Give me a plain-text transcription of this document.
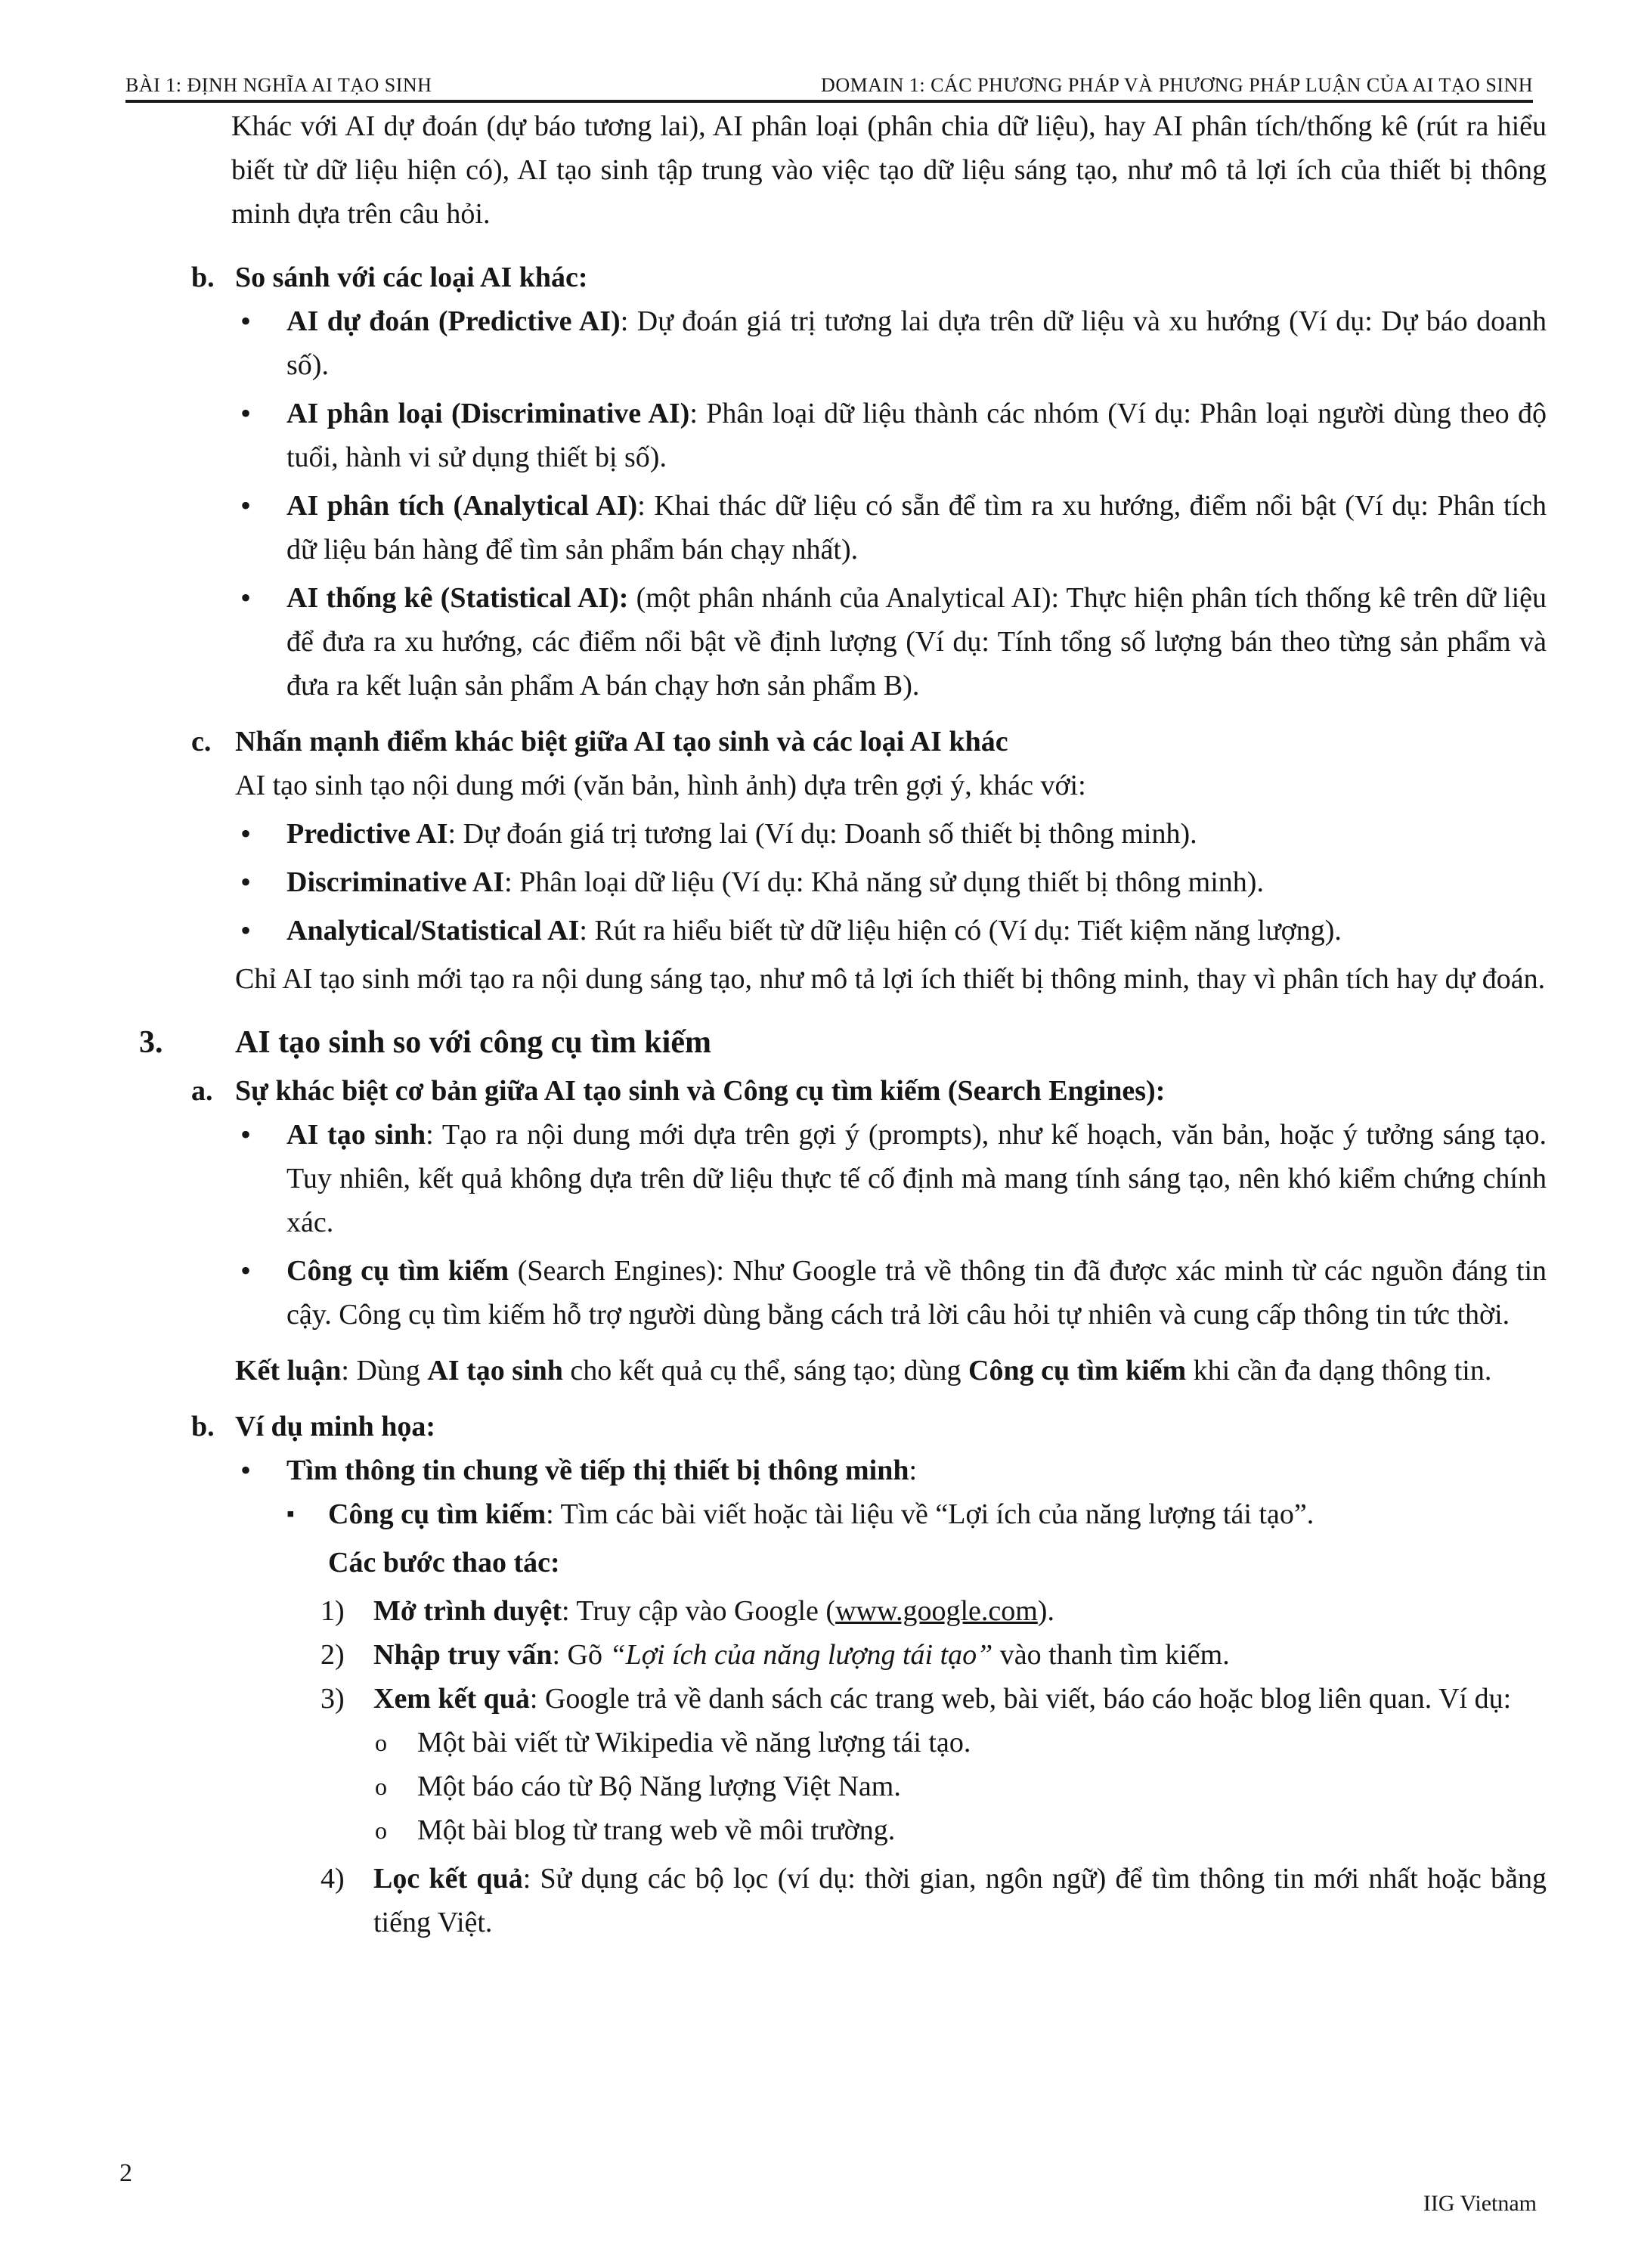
BÀI 1: ĐỊNH NGHĨA AI TẠO SINH	DOMAIN 1: CÁC PHƯƠNG PHÁP VÀ PHƯƠNG PHÁP LUẬN CỦA AI TẠO SINH

Khác với AI dự đoán (dự báo tương lai), AI phân loại (phân chia dữ liệu), hay AI phân tích/thống kê (rút ra hiểu biết từ dữ liệu hiện có), AI tạo sinh tập trung vào việc tạo dữ liệu sáng tạo, như mô tả lợi ích của thiết bị thông minh dựa trên câu hỏi.

b. So sánh với các loại AI khác:
• AI dự đoán (Predictive AI): Dự đoán giá trị tương lai dựa trên dữ liệu và xu hướng (Ví dụ: Dự báo doanh số).
• AI phân loại (Discriminative AI): Phân loại dữ liệu thành các nhóm (Ví dụ: Phân loại người dùng theo độ tuổi, hành vi sử dụng thiết bị số).
• AI phân tích (Analytical AI): Khai thác dữ liệu có sẵn để tìm ra xu hướng, điểm nổi bật (Ví dụ: Phân tích dữ liệu bán hàng để tìm sản phẩm bán chạy nhất).
• AI thống kê (Statistical AI): (một phân nhánh của Analytical AI): Thực hiện phân tích thống kê trên dữ liệu để đưa ra xu hướng, các điểm nổi bật về định lượng (Ví dụ: Tính tổng số lượng bán theo từng sản phẩm và đưa ra kết luận sản phẩm A bán chạy hơn sản phẩm B).
c. Nhấn mạnh điểm khác biệt giữa AI tạo sinh và các loại AI khác

AI tạo sinh tạo nội dung mới (văn bản, hình ảnh) dựa trên gợi ý, khác với:

• Predictive AI: Dự đoán giá trị tương lai (Ví dụ: Doanh số thiết bị thông minh).
• Discriminative AI: Phân loại dữ liệu (Ví dụ: Khả năng sử dụng thiết bị thông minh).
• Analytical/Statistical AI: Rút ra hiểu biết từ dữ liệu hiện có (Ví dụ: Tiết kiệm năng lượng).

Chỉ AI tạo sinh mới tạo ra nội dung sáng tạo, như mô tả lợi ích thiết bị thông minh, thay vì phân tích hay dự đoán.

3. AI tạo sinh so với công cụ tìm kiếm
a. Sự khác biệt cơ bản giữa AI tạo sinh và Công cụ tìm kiếm (Search Engines):
• AI tạo sinh: Tạo ra nội dung mới dựa trên gợi ý (prompts), như kế hoạch, văn bản, hoặc ý tưởng sáng tạo. Tuy nhiên, kết quả không dựa trên dữ liệu thực tế cố định mà mang tính sáng tạo, nên khó kiểm chứng chính xác.
• Công cụ tìm kiếm (Search Engines): Như Google trả về thông tin đã được xác minh từ các nguồn đáng tin cậy. Công cụ tìm kiếm hỗ trợ người dùng bằng cách trả lời câu hỏi tự nhiên và cung cấp thông tin tức thời.

Kết luận: Dùng AI tạo sinh cho kết quả cụ thể, sáng tạo; dùng Công cụ tìm kiếm khi cần đa dạng thông tin.

b. Ví dụ minh họa:
• Tìm thông tin chung về tiếp thị thiết bị thông minh:
▪ Công cụ tìm kiếm: Tìm các bài viết hoặc tài liệu về “Lợi ích của năng lượng tái tạo”.

Các bước thao tác:

1) Mở trình duyệt: Truy cập vào Google (www.google.com).
2) Nhập truy vấn: Gõ “Lợi ích của năng lượng tái tạo” vào thanh tìm kiếm.
3) Xem kết quả: Google trả về danh sách các trang web, bài viết, báo cáo hoặc blog liên quan. Ví dụ:
o Một bài viết từ Wikipedia về năng lượng tái tạo.
o Một báo cáo từ Bộ Năng lượng Việt Nam.
o Một bài blog từ trang web về môi trường.
4) Lọc kết quả: Sử dụng các bộ lọc (ví dụ: thời gian, ngôn ngữ) để tìm thông tin mới nhất hoặc bằng tiếng Việt.
2
IIG Vietnam
